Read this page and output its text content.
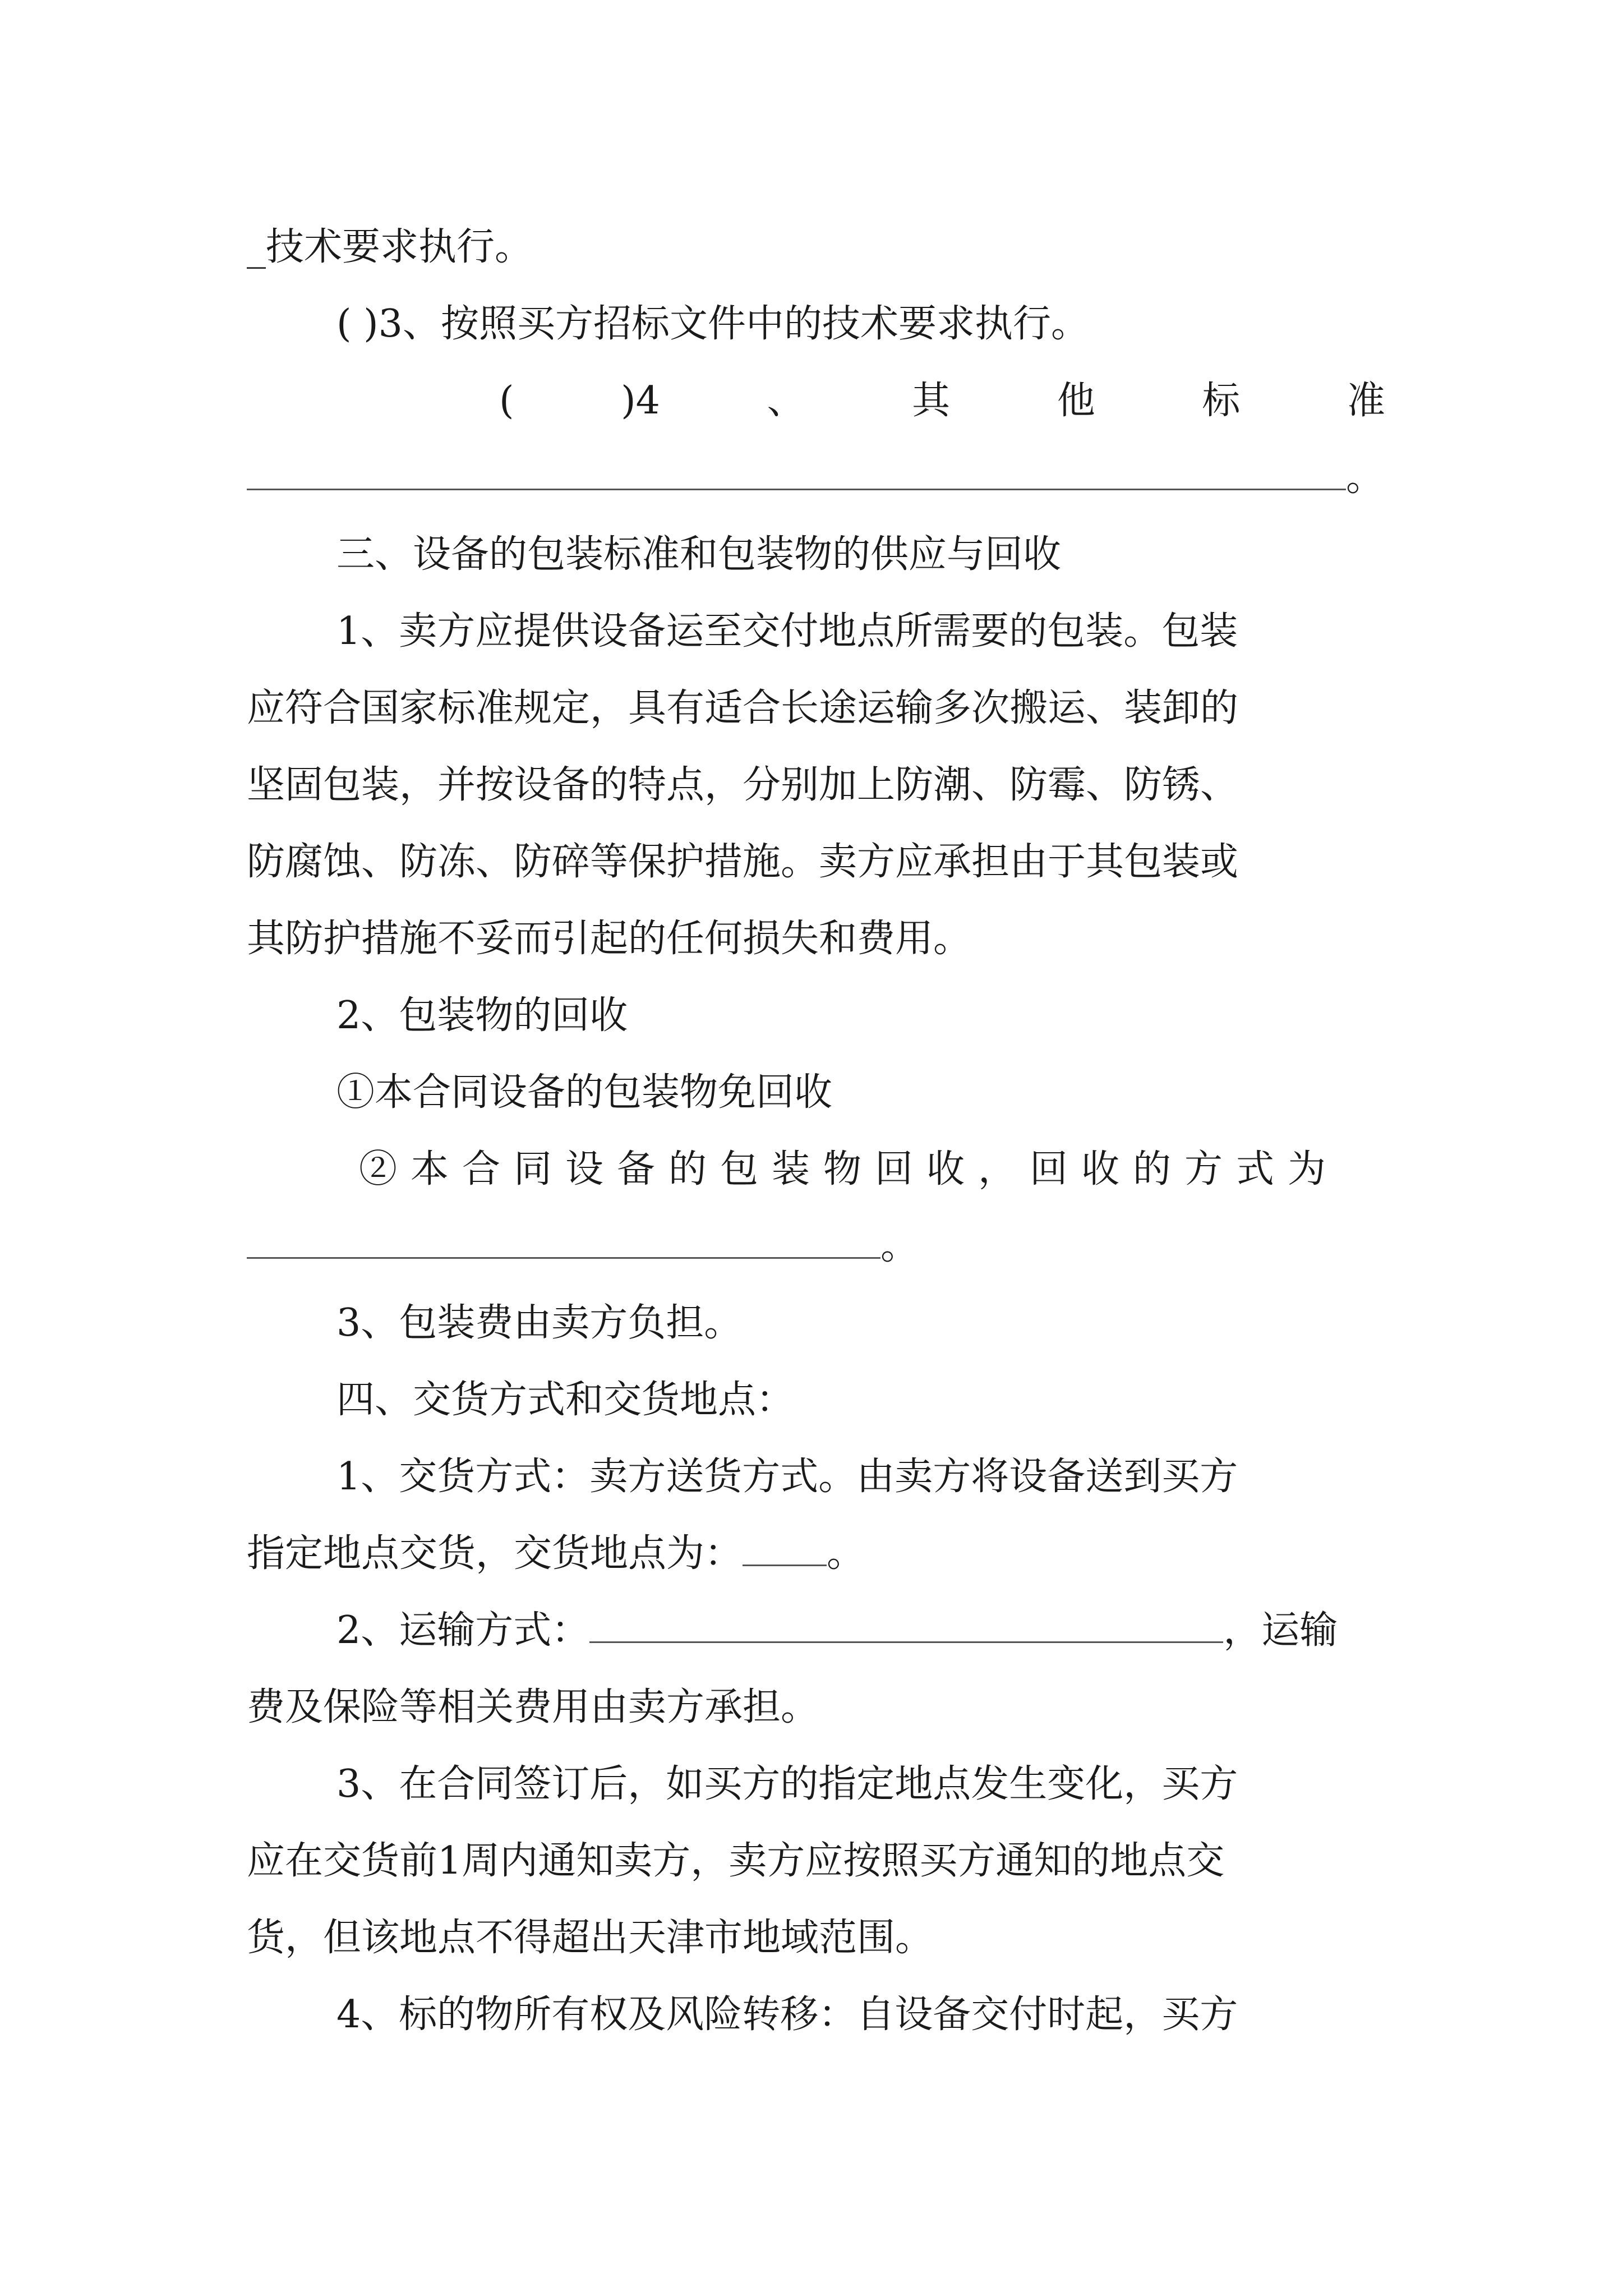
_技术要求执行。
( )3、按照买方招标文件中的技术要求执行。
(	)4	、	其	他	标	准
。
三、设备的包装标准和包装物的供应与回收
1、卖方应提供设备运至交付地点所需要的包装。包装
应符合国家标准规定，具有适合长途运输多次搬运、装卸的
坚固包装，并按设备的特点，分别加上防潮、防霉、防锈、
防腐蚀、防冻、防碎等保护措施。卖方应承担由于其包装或
其防护措施不妥而引起的任何损失和费用。
2、包装物的回收
①本合同设备的包装物免回收
②本合同设备的包装物回收，回收的方式为
。
3、包装费由卖方负担。
四、交货方式和交货地点：
1、交货方式：卖方送货方式。由卖方将设备送到买方
指定地点交货，交货地点为： 。
2、运输方式：	，运输
费及保险等相关费用由卖方承担。
3、在合同签订后，如买方的指定地点发生变化，买方
应在交货前1周内通知卖方，卖方应按照买方通知的地点交
货，但该地点不得超出天津市地域范围。
4、标的物所有权及风险转移：自设备交付时起，买方
